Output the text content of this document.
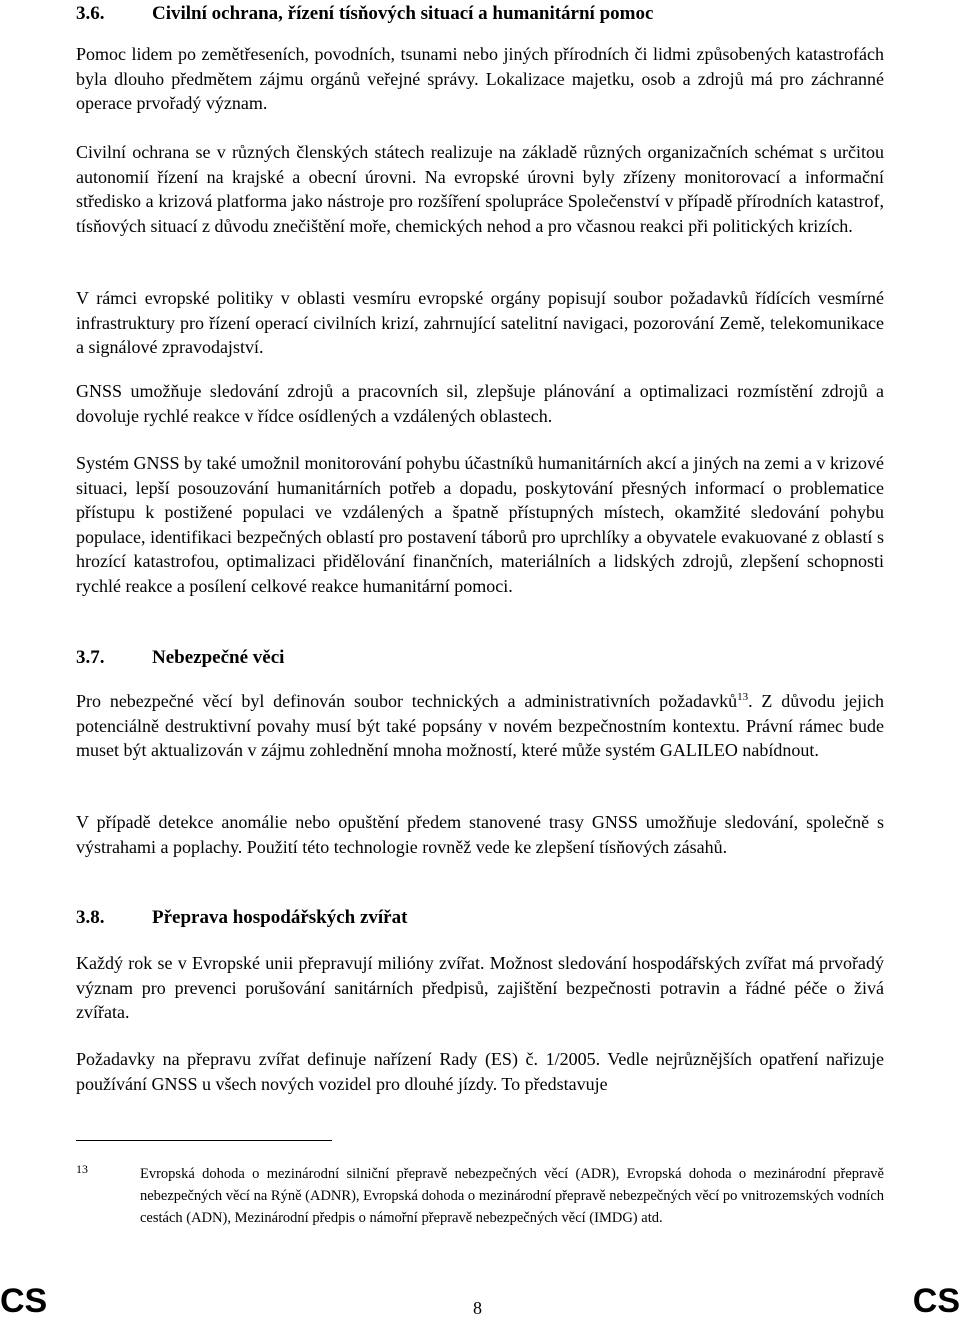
3.6.	Civilní ochrana, řízení tísňových situací a humanitární pomoc

Pomoc lidem po zemětřeseních, povodních, tsunami nebo jiných přírodních či lidmi způsobených katastrofách byla dlouho předmětem zájmu orgánů veřejné správy. Lokalizace majetku, osob a zdrojů má pro záchranné operace prvořadý význam.

Civilní ochrana se v různých členských státech realizuje na základě různých organizačních schémat s určitou autonomií řízení na krajské a obecní úrovni. Na evropské úrovni byly zřízeny monitorovací a informační středisko a krizová platforma jako nástroje pro rozšíření spolupráce Společenství v případě přírodních katastrof, tísňových situací z důvodu znečištění moře, chemických nehod a pro včasnou reakci při politických krizích.

V rámci evropské politiky v oblasti vesmíru evropské orgány popisují soubor požadavků řídících vesmírné infrastruktury pro řízení operací civilních krizí, zahrnující satelitní navigaci, pozorování Země, telekomunikace a signálové zpravodajství.

GNSS umožňuje sledování zdrojů a pracovních sil, zlepšuje plánování a optimalizaci rozmístění zdrojů a dovoluje rychlé reakce v řídce osídlených a vzdálených oblastech.

Systém GNSS by také umožnil monitorování pohybu účastníků humanitárních akcí a jiných na zemi a v krizové situaci, lepší posouzování humanitárních potřeb a dopadu, poskytování přesných informací o problematice přístupu k postižené populaci ve vzdálených a špatně přístupných místech, okamžité sledování pohybu populace, identifikaci bezpečných oblastí pro postavení táborů pro uprchlíky a obyvatele evakuované z oblastí s hrozící katastrofou, optimalizaci přidělování finančních, materiálních a lidských zdrojů, zlepšení schopnosti rychlé reakce a posílení celkové reakce humanitární pomoci.

3.7.	Nebezpečné věci

Pro nebezpečné věcí byl definován soubor technických a administrativních požadavků$^{13}$. Z důvodu jejich potenciálně destruktivní povahy musí být také popsány v novém bezpečnostním kontextu. Právní rámec bude muset být aktualizován v zájmu zohlednění mnoha možností, které může systém GALILEO nabídnout.

V případě detekce anomálie nebo opuštění předem stanovené trasy GNSS umožňuje sledování, společně s výstrahami a poplachy. Použití této technologie rovněž vede ke zlepšení tísňových zásahů.

3.8.	Přeprava hospodářských zvířat

Každý rok se v Evropské unii přepravují milióny zvířat. Možnost sledování hospodářských zvířat má prvořadý význam pro prevenci porušování sanitárních předpisů, zajištění bezpečnosti potravin a řádné péče o živá zvířata.

Požadavky na přepravu zvířat definuje nařízení Rady (ES) č. 1/2005. Vedle nejrůznějších opatření nařizuje používání GNSS u všech nových vozidel pro dlouhé jízdy. To představuje

13	Evropská dohoda o mezinárodní silniční přepravě nebezpečných věcí (ADR), Evropská dohoda o mezinárodní přepravě nebezpečných věcí na Rýně (ADNR), Evropská dohoda o mezinárodní přepravě nebezpečných věcí po vnitrozemských vodních cestách (ADN), Mezinárodní předpis o námořní přepravě nebezpečných věcí (IMDG) atd.
CS	8	CS
